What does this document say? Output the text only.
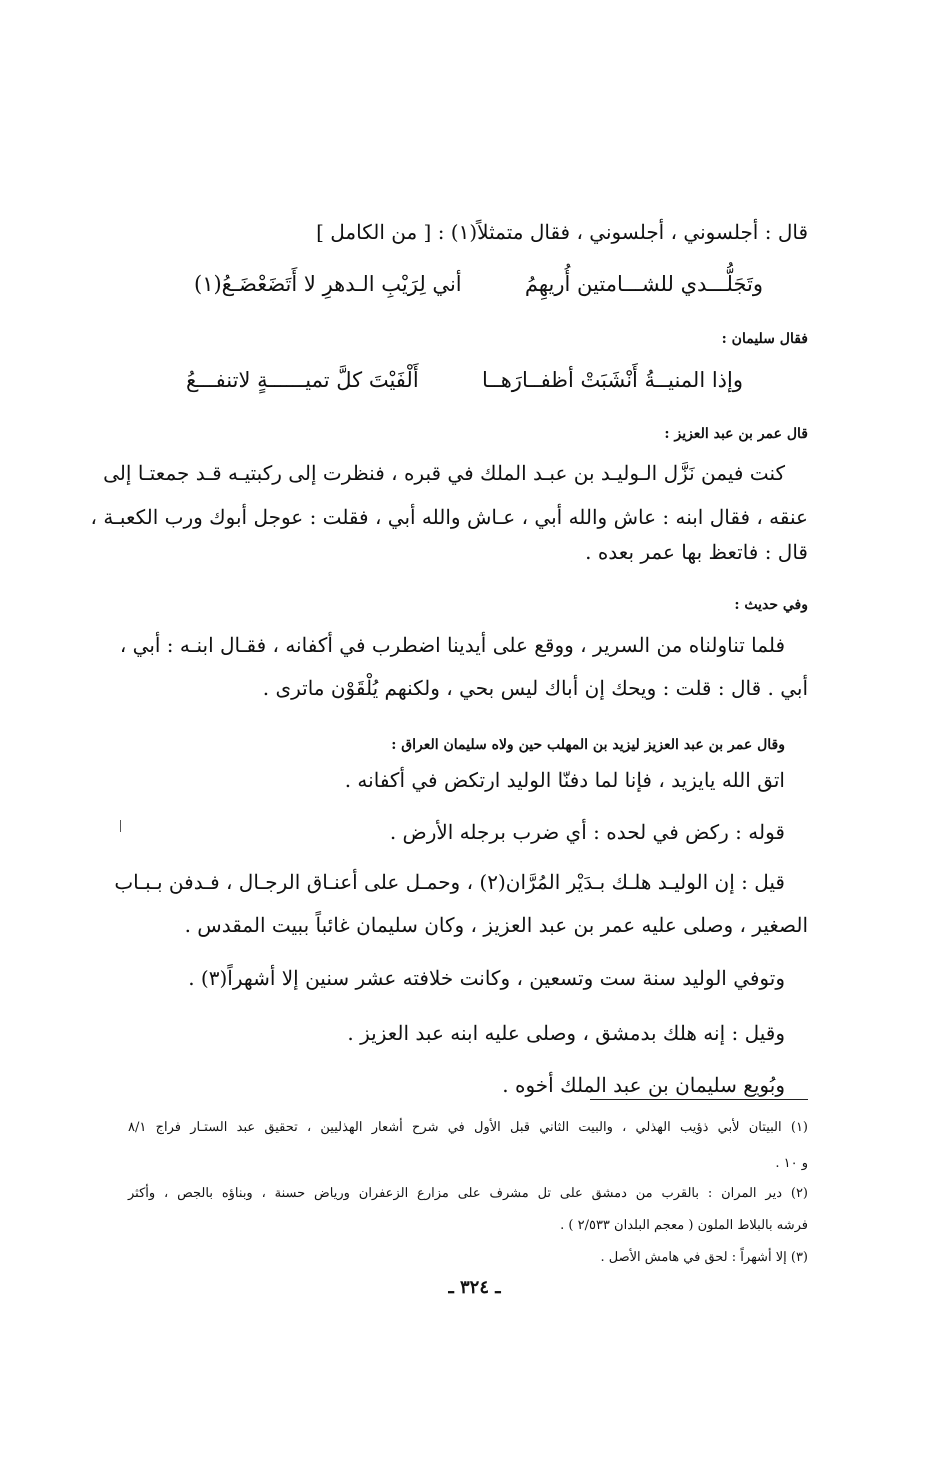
قال : أجلسوني ، أجلسوني ، فقال متمثلاً(١) : [ من الكامل ]
وتَجَلُّـــدي للشـــامتين أُريهِمُ
أني لِرَيْبِ الـدهرِ لا أَتَضَعْضَـعُ(١)
فقال سليمان :
وإذا المنيــةُ أَنْشَبَتْ أظفــارَهــا
أَلْفَيْتَ كلَّ تميــــــةٍ لاتنفـــعُ
قال عمر بن عبد العزيز :
كنت فيمن نَزَّل الـوليـد بن عبـد الملك في قبره ، فنظرت إلى ركبتيـه قـد جمعتـا إلى
عنقه ، فقال ابنه : عاش والله أبي ، عـاش والله أبي ، فقلت : عوجل أبوك ورب الكعبـة ،
قال : فاتعظ بها عمر بعده .
وفي حديث :
فلما تناولناه من السرير ، ووقع على أيدينا اضطرب في أكفانه ، فقـال ابنـه : أبي ،
أبي . قال : قلت : ويحك إن أباك ليس بحي ، ولكنهم يُلْقَوْن ماترى .
وقال عمر بن عبد العزيز ليزيد بن المهلب حين ولاه سليمان العراق :
اتق الله يايزيد ، فإنا لما دفنّا الوليد ارتكض في أكفانه .
قوله : ركض في لحده : أي ضرب برجله الأرض .
قيل : إن الوليـد هلـك بـدَيْر المُرَّان(٢) ، وحمـل على أعنـاق الرجـال ، فـدفن بـبـاب
الصغير ، وصلى عليه عمر بن عبد العزيز ، وكان سليمان غائباً ببيت المقدس .
وتوفي الوليد سنة ست وتسعين ، وكانت خلافته عشر سنين إلا أشهراً(٣) .
وقيل : إنه هلك بدمشق ، وصلى عليه ابنه عبد العزيز .
وبُويع سليمان بن عبد الملك أخوه .
(١) البيتان لأبي ذؤيب الهذلي ، والبيت الثاني قبل الأول في شرح أشعار الهذليين ، تحقيق عبد الستـار فراج ٨/١
و ١٠ .
(٢) دير المران : بالقرب من دمشق على تل مشرف على مزارع الزعفران ورياض حسنة ، وبناؤه بالجص ، وأكثر
فرشه بالبلاط الملون ( معجم البلدان ٢/٥٣٣ ) .
(٣) إلا أشهراً : لحق في هامش الأصل .
ـ ٣٢٤ ـ
